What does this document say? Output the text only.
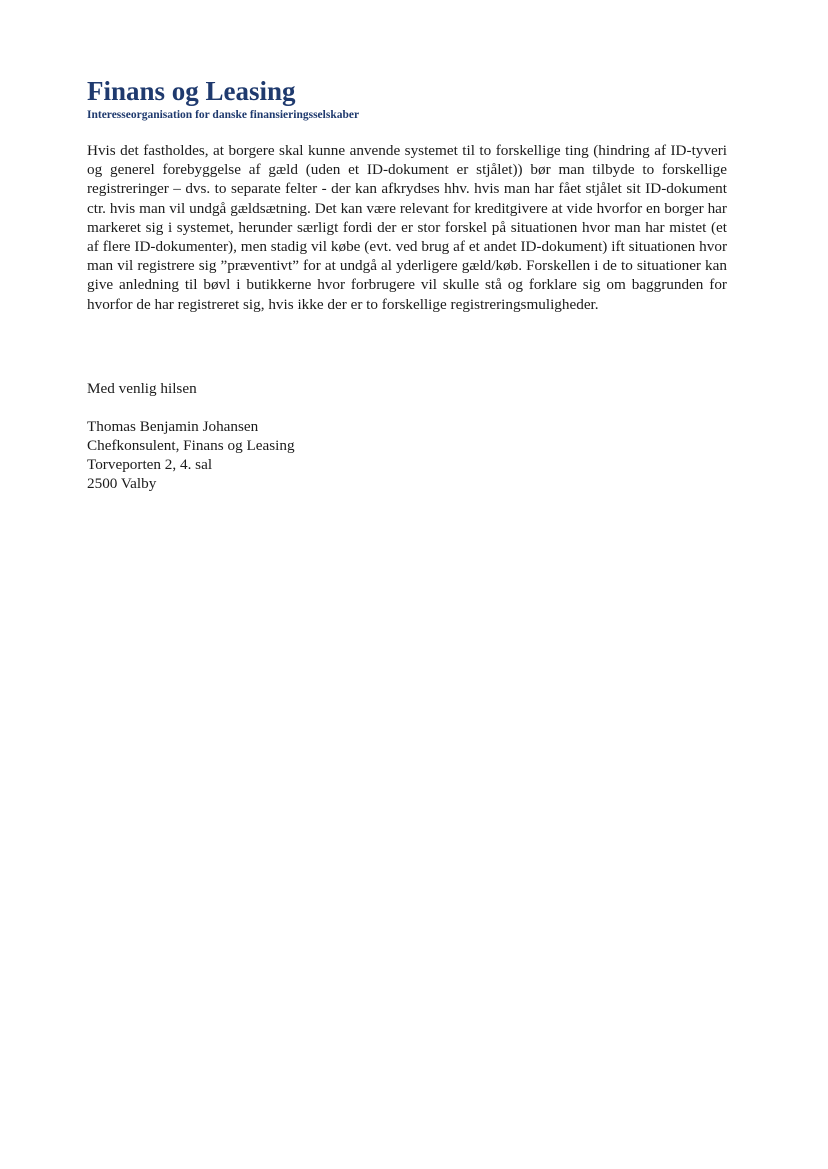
Finans og Leasing
Interesseorganisation for danske finansieringsselskaber

Hvis det fastholdes, at borgere skal kunne anvende systemet til to forskellige ting (hindring af ID-tyveri og generel forebyggelse af gæld (uden et ID-dokument er stjålet)) bør man tilbyde to forskellige registreringer – dvs. to separate felter - der kan afkrydses hhv. hvis man har fået stjålet sit ID-dokument ctr. hvis man vil undgå gældsætning. Det kan være relevant for kreditgivere at vide hvorfor en borger har markeret sig i systemet, herunder særligt fordi der er stor forskel på situationen hvor man har mistet (et af flere ID-dokumenter), men stadig vil købe (evt. ved brug af et andet ID-dokument) ift situationen hvor man vil registrere sig ”præventivt” for at undgå al yderligere gæld/køb. Forskellen i de to situationer kan give anledning til bøvl i butikkerne hvor forbrugere vil skulle stå og forklare sig om baggrunden for hvorfor de har registreret sig, hvis ikke der er to forskellige registreringsmuligheder.

Med venlig hilsen

Thomas Benjamin Johansen
Chefkonsulent, Finans og Leasing
Torveporten 2, 4. sal
2500 Valby
